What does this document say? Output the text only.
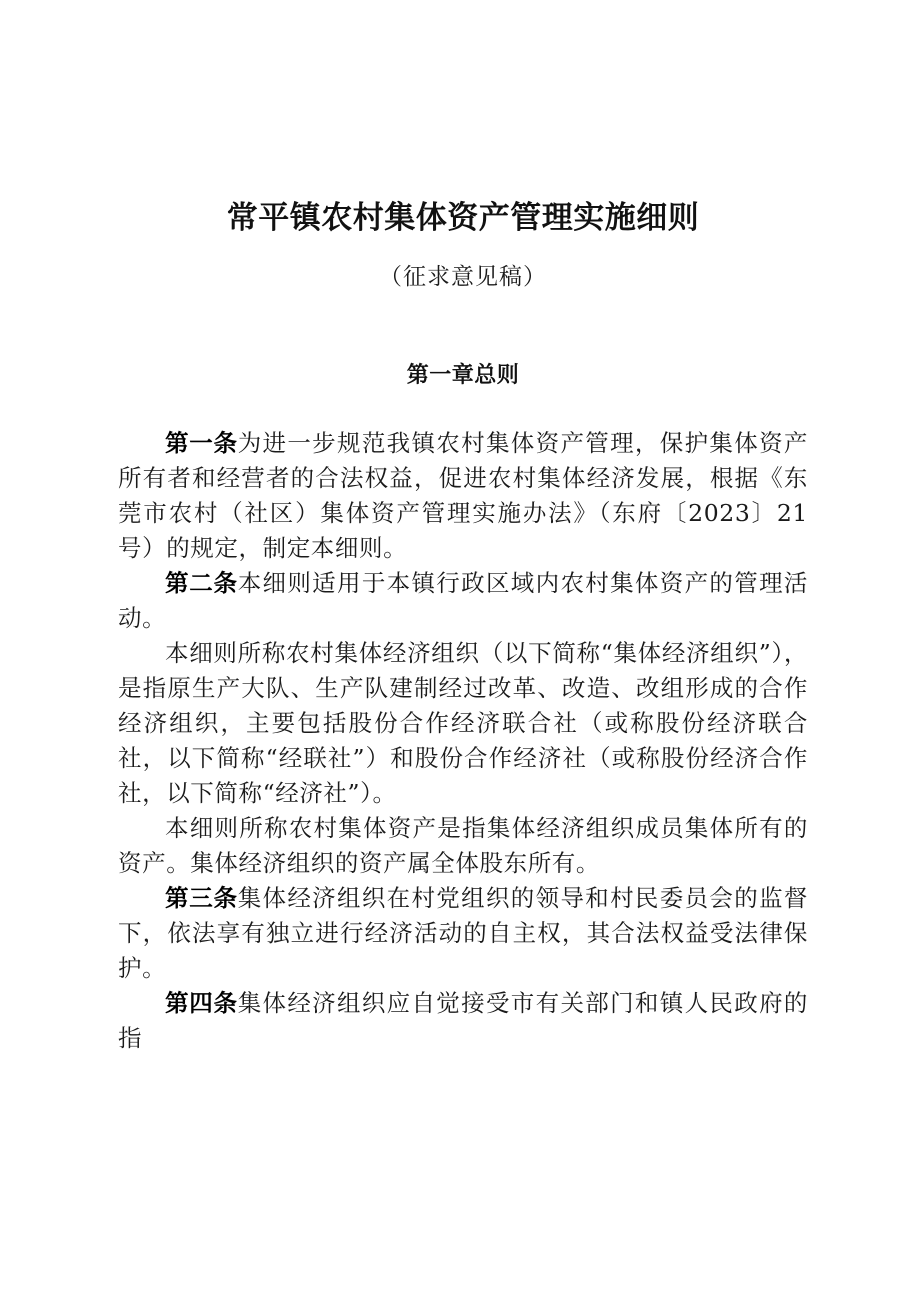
常平镇农村集体资产管理实施细则
（征求意见稿）
第一章总则

第一条为进一步规范我镇农村集体资产管理，保护集体资产所有者和经营者的合法权益，促进农村集体经济发展，根据《东莞市农村（社区）集体资产管理实施办法》（东府〔2023〕21号）的规定，制定本细则。

第二条本细则适用于本镇行政区域内农村集体资产的管理活动。

本细则所称农村集体经济组织（以下简称“集体经济组织”），是指原生产大队、生产队建制经过改革、改造、改组形成的合作经济组织，主要包括股份合作经济联合社（或称股份经济联合社，以下简称“经联社”）和股份合作经济社（或称股份经济合作社，以下简称“经济社”）。

本细则所称农村集体资产是指集体经济组织成员集体所有的资产。集体经济组织的资产属全体股东所有。

第三条集体经济组织在村党组织的领导和村民委员会的监督下，依法享有独立进行经济活动的自主权，其合法权益受法律保护。

第四条集体经济组织应自觉接受市有关部门和镇人民政府的指
